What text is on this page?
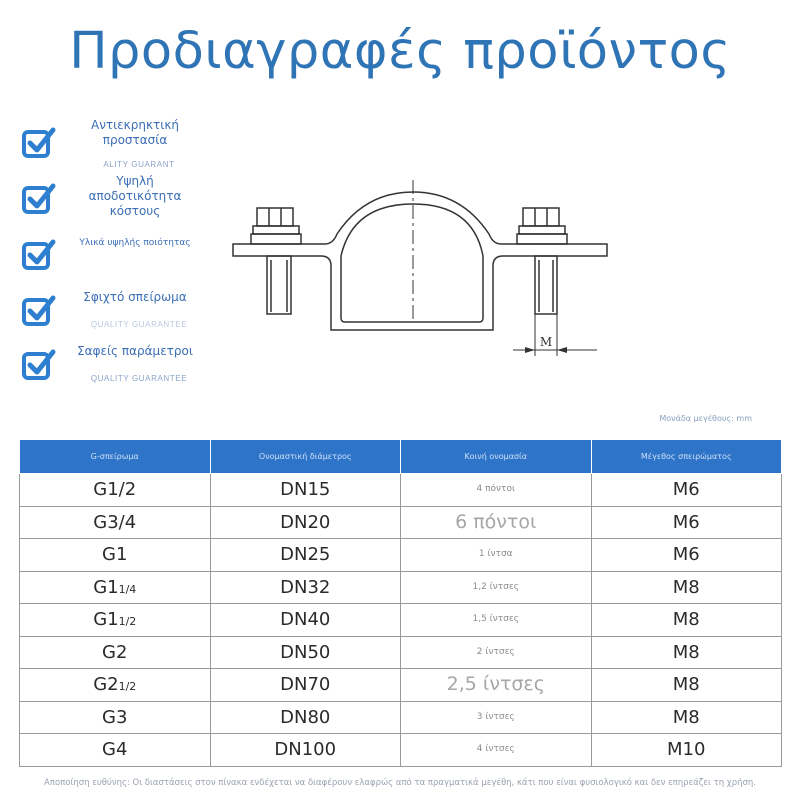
Προδιαγραφές προϊόντος
Αντιεκρηκτική προστασία
ALITY GUARANT
Υψηλή αποδοτικότητα κόστους
Υλικά υψηλής ποιότητας
Σφιχτό σπείρωμα
QUALITY GUARANTEE
Σαφείς παράμετροι
QUALITY GUARANTEE
M
Μονάδα μεγέθους: mm
G-σπείρωμα	Ονομαστική διάμετρος	Κοινή ονομασία	Μέγεθος σπειρώματος
G1/2	DN15	4 πόντοι	M6
G3/4	DN20	6 πόντοι	M6
G1	DN25	1 ίντσα	M6
G11/4	DN32	1,2 ίντσες	M8
G11/2	DN40	1,5 ίντσες	M8
G2	DN50	2 ίντσες	M8
G21/2	DN70	2,5 ίντσες	M8
G3	DN80	3 ίντσες	M8
G4	DN100	4 ίντσες	M10
Αποποίηση ευθύνης: Οι διαστάσεις στον πίνακα ενδέχεται να διαφέρουν ελαφρώς από τα πραγματικά μεγέθη, κάτι που είναι φυσιολογικό και δεν επηρεάζει τη χρήση.
